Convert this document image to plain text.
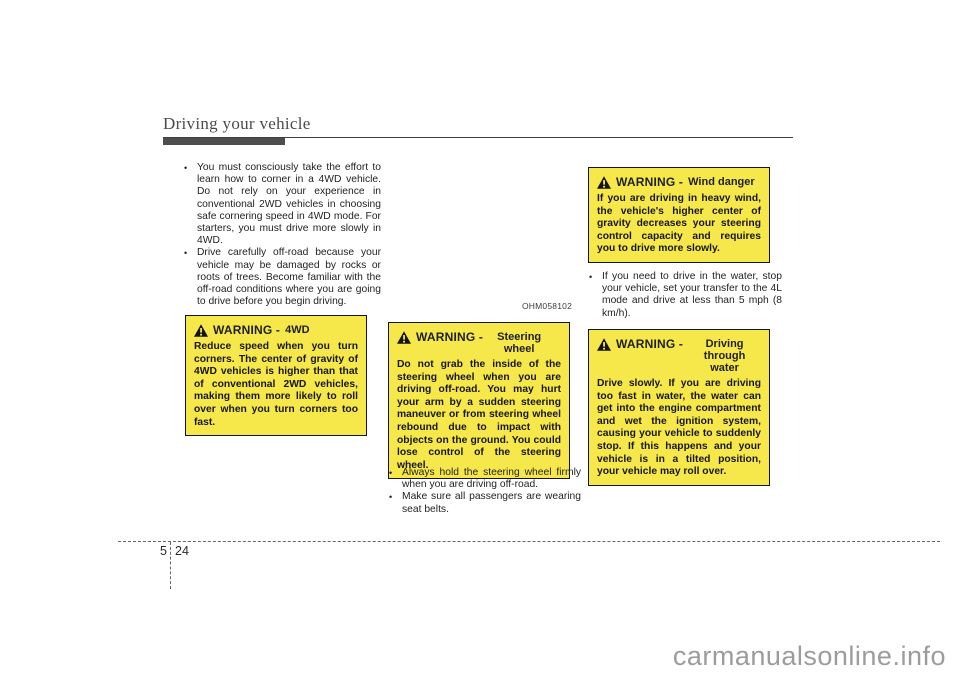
Driving your vehicle
• You must consciously take the effort to learn how to corner in a 4WD vehicle. Do not rely on your experience in conventional 2WD vehicles in choosing safe cornering speed in 4WD mode. For starters, you must drive more slowly in 4WD.
• Drive carefully off-road because your vehicle may be damaged by rocks or roots of trees. Become familiar with the off-road conditions where you are going to drive before you begin driving.
WARNING - 4WD

Reduce speed when you turn corners. The center of gravity of 4WD vehicles is higher than that of conventional 2WD vehicles, making them more likely to roll over when you turn corners too fast.

OHM058102
WARNING -	Steering wheel

Do not grab the inside of the steering wheel when you are driving off-road. You may hurt your arm by a sudden steering maneuver or from steering wheel rebound due to impact with objects on the ground. You could lose control of the steering wheel.

• Always hold the steering wheel firmly when you are driving off-road.
• Make sure all passengers are wearing seat belts.
WARNING - Wind danger

If you are driving in heavy wind, the vehicle's higher center of gravity decreases your steering control capacity and requires you to drive more slowly.

• If you need to drive in the water, stop your vehicle, set your transfer to the 4L mode and drive at less than 5 mph (8 km/h).
WARNING -	Driving through water

Drive slowly. If you are driving too fast in water, the water can get into the engine compartment and wet the ignition system, causing your vehicle to suddenly stop. If this happens and your vehicle is in a tilted position, your vehicle may roll over.

5 24
carmanualsonline.info
